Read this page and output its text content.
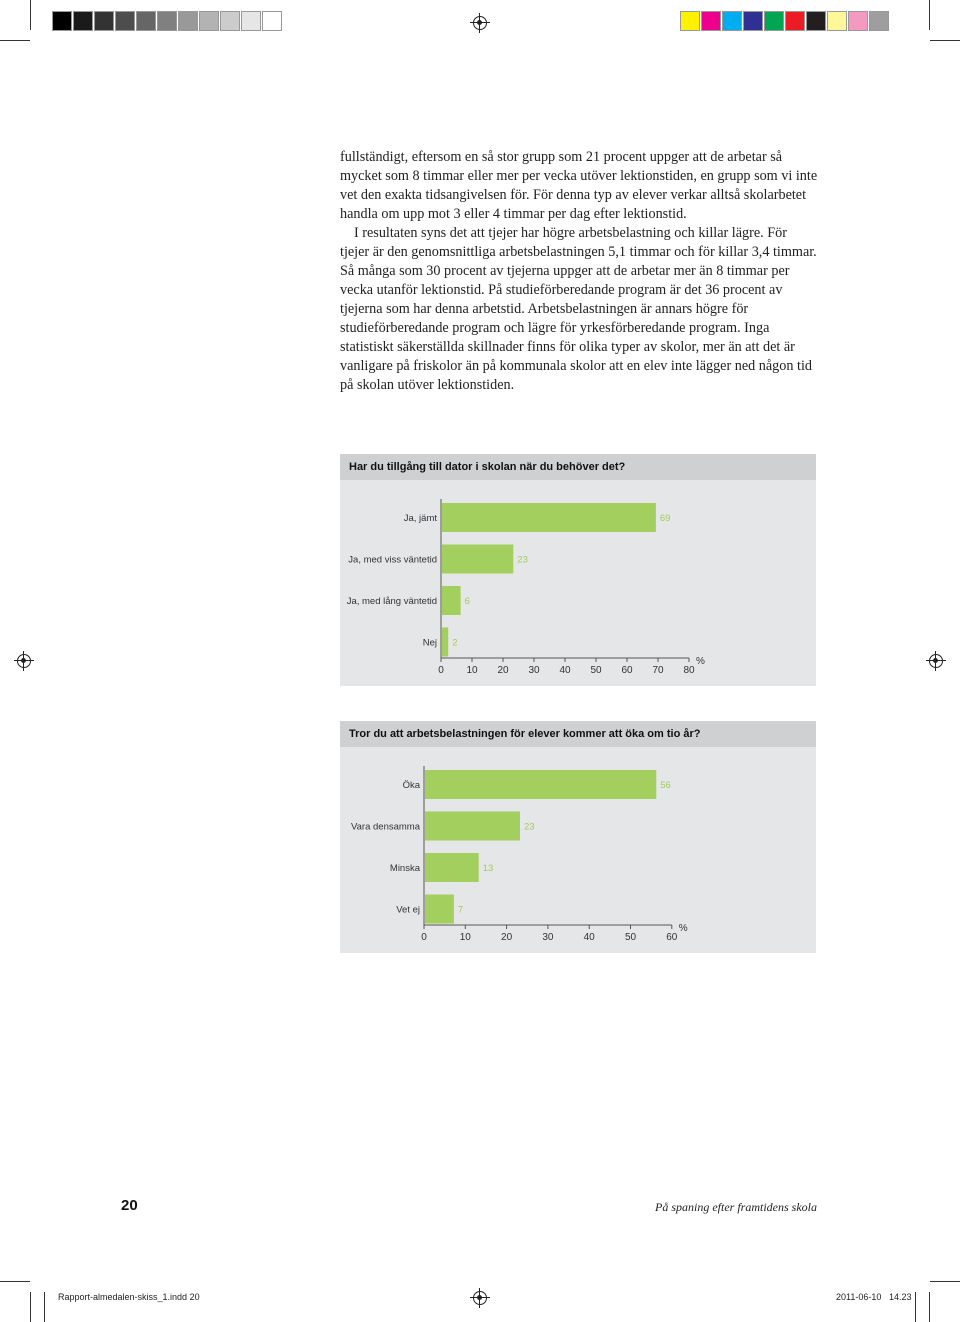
fullständigt, eftersom en så stor grupp som 21 procent uppger att de arbetar så mycket som 8 timmar eller mer per vecka utöver lektionstiden, en grupp som vi inte vet den exakta tidsangivelsen för. För denna typ av elever verkar alltså skolarbetet handla om upp mot 3 eller 4 timmar per dag efter lektionstid.

I resultaten syns det att tjejer har högre arbetsbelastning och killar lägre. För tjejer är den genomsnittliga arbetsbelastningen 5,1 timmar och för killar 3,4 timmar. Så många som 30 procent av tjejerna uppger att de arbetar mer än 8 timmar per vecka utanför lektionstid. På studieförberedande program är det 36 procent av tjejerna som har denna arbetstid. Arbetsbelastningen är annars högre för studieförberedande program och lägre för yrkesförberedande program. Inga statistiskt säkerställda skillnader finns för olika typer av skolor, mer än att det är vanligare på friskolor än på kommunala skolor att en elev inte lägger ned någon tid på skolan utöver lektionstiden.

Har du tillgång till dator i skolan när du behöver det?
Ja, jämt	69
Ja, med viss väntetid	23
Ja, med lång väntetid	6
Nej 2
0 10 20 30 40 50 60 70 80
%
Tror du att arbetsbelastningen för elever kommer att öka om tio år?
Öka	56
Vara densamma	23
Minska	13
Vet ej	7
0	10	20	30	40	50	60
%
20	På spaning efter framtidens skola
Rapport-almedalen-skiss_1.indd 20	2011-06-10 14.23
